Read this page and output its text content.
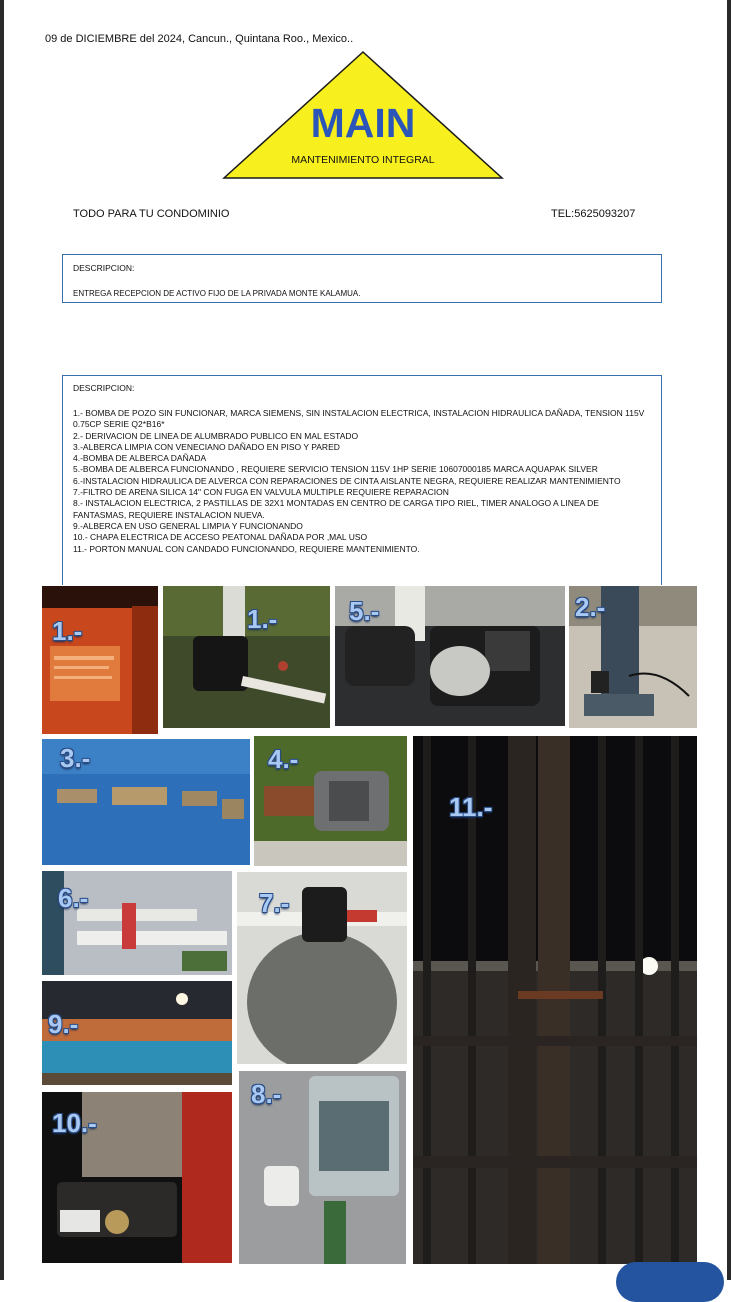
09 de DICIEMBRE del 2024, Cancun., Quintana Roo., Mexico..
MAIN
MANTENIMIENTO INTEGRAL
TODO PARA TU CONDOMINIO	TEL:5625093207
DESCRIPCION:
ENTREGA RECEPCION DE ACTIVO FIJO DE LA PRIVADA MONTE KALAMUA.
DESCRIPCION:
1.- BOMBA DE POZO SIN FUNCIONAR, MARCA SIEMENS, SIN INSTALACION ELECTRICA, INSTALACION HIDRAULICA DAÑADA, TENSION 115V 0.75CP SERIE Q2*B16*
2.- DERIVACION DE LINEA DE ALUMBRADO PUBLICO EN MAL ESTADO
3.-ALBERCA LIMPIA CON VENECIANO DAÑADO EN PISO Y PARED
4.-BOMBA DE ALBERCA DAÑADA
5.-BOMBA DE ALBERCA FUNCIONANDO , REQUIERE SERVICIO TENSION 115V 1HP SERIE 10607000185 MARCA AQUAPAK SILVER
6.-INSTALACION HIDRAULICA DE ALVERCA CON REPARACIONES DE CINTA AISLANTE NEGRA, REQUIERE REALIZAR MANTENIMIENTO
7.-FILTRO DE ARENA SILICA 14" CON FUGA EN VALVULA MULTIPLE REQUIERE REPARACION
8.- INSTALACION ELECTRICA, 2 PASTILLAS DE 32X1 MONTADAS EN CENTRO DE CARGA TIPO RIEL, TIMER ANALOGO A LINEA DE FANTASMAS, REQUIERE INSTALACION NUEVA.
9.-ALBERCA EN USO GENERAL LIMPIA Y FUNCIONANDO
10.- CHAPA ELECTRICA DE ACCESO PEATONAL DAÑADA POR ,MAL USO
11.- PORTON MANUAL CON CANDADO FUNCIONANDO, REQUIERE MANTENIMIENTO.
1.-	1.-	5.-	2.-
3.-	4.-
11.-
6.-	7.-
9.-
10.-
8.-
